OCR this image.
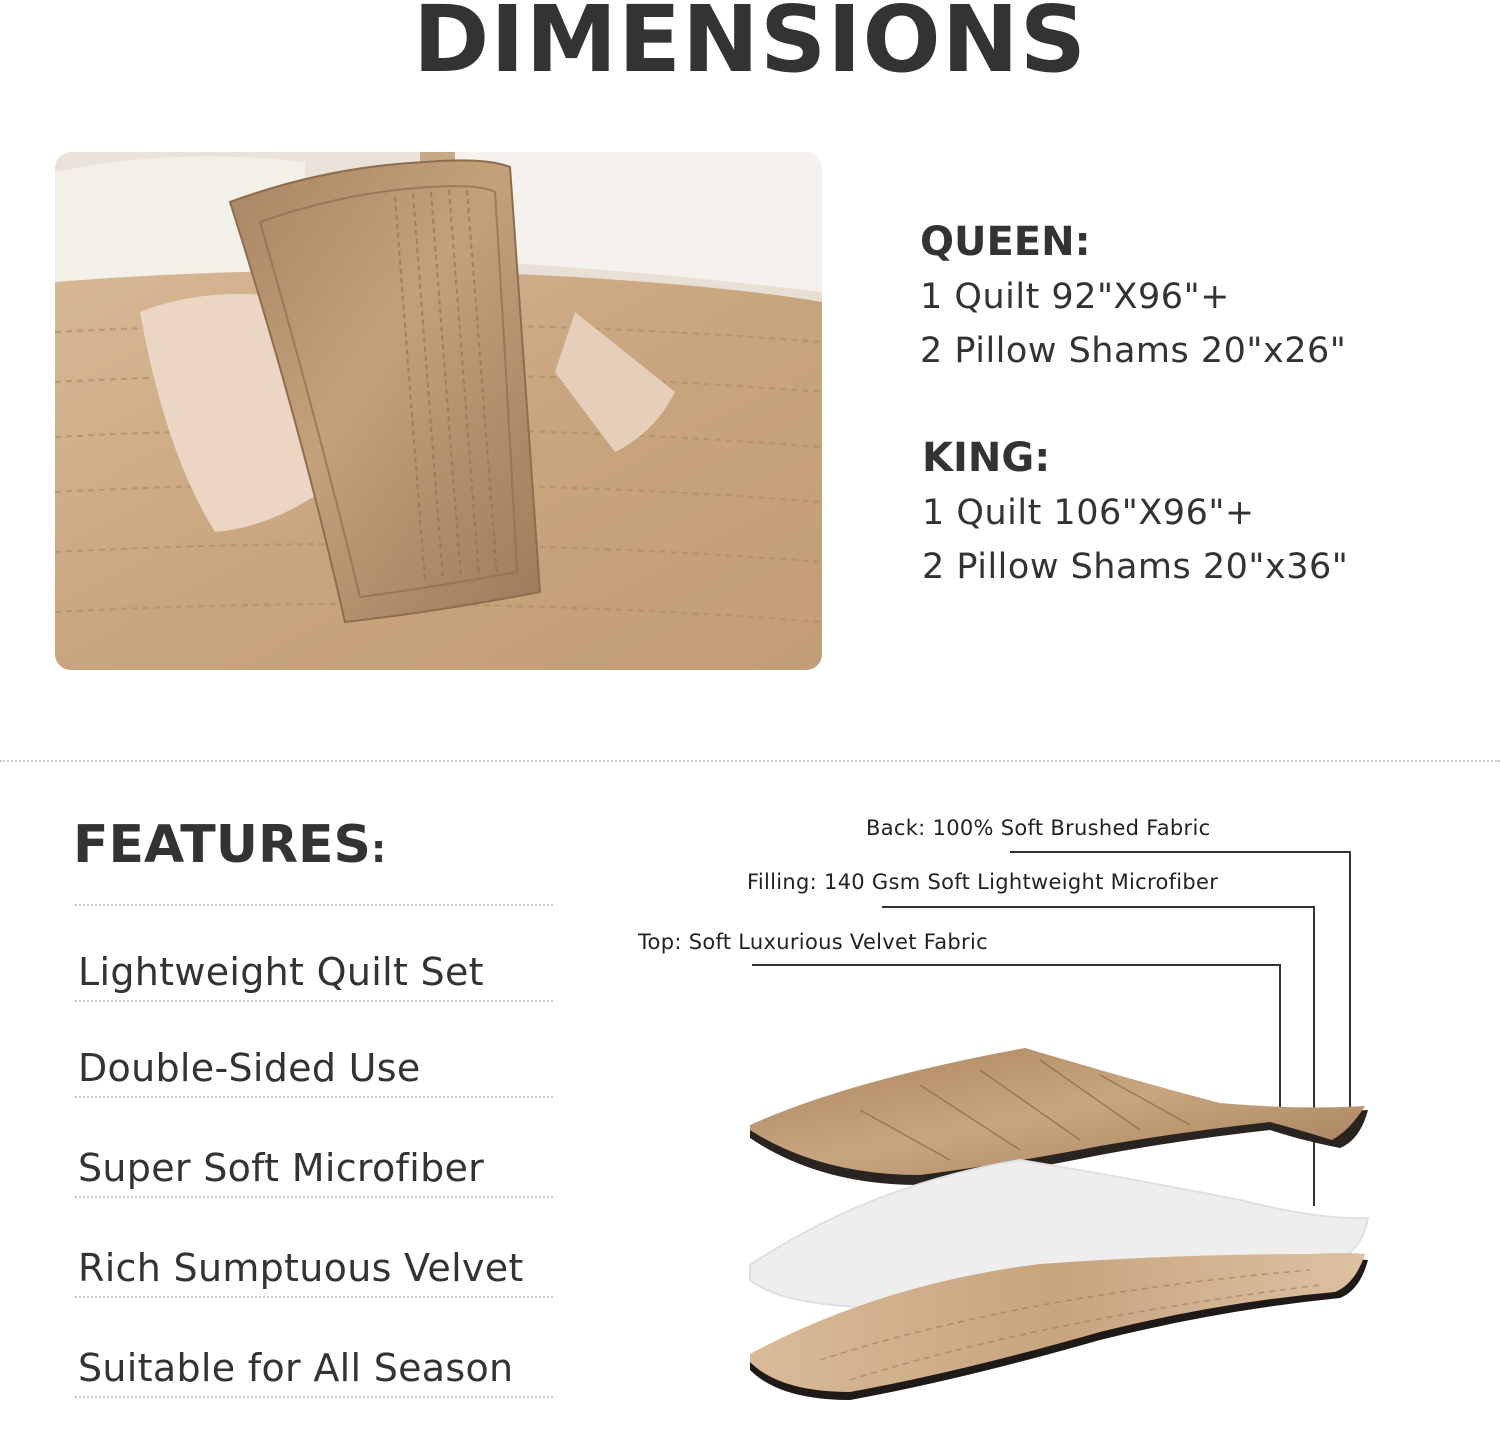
DIMENSIONS
QUEEN:
1 Quilt 92"X96"+
2 Pillow Shams 20"x26"
KING:
1 Quilt 106"X96"+
2 Pillow Shams 20"x36"
FEATURES:
Lightweight Quilt Set
Double-Sided Use
Super Soft Microfiber
Rich Sumptuous Velvet
Suitable for All Season
Back: 100% Soft Brushed Fabric
Filling: 140 Gsm Soft Lightweight Microfiber
Top: Soft Luxurious Velvet Fabric
